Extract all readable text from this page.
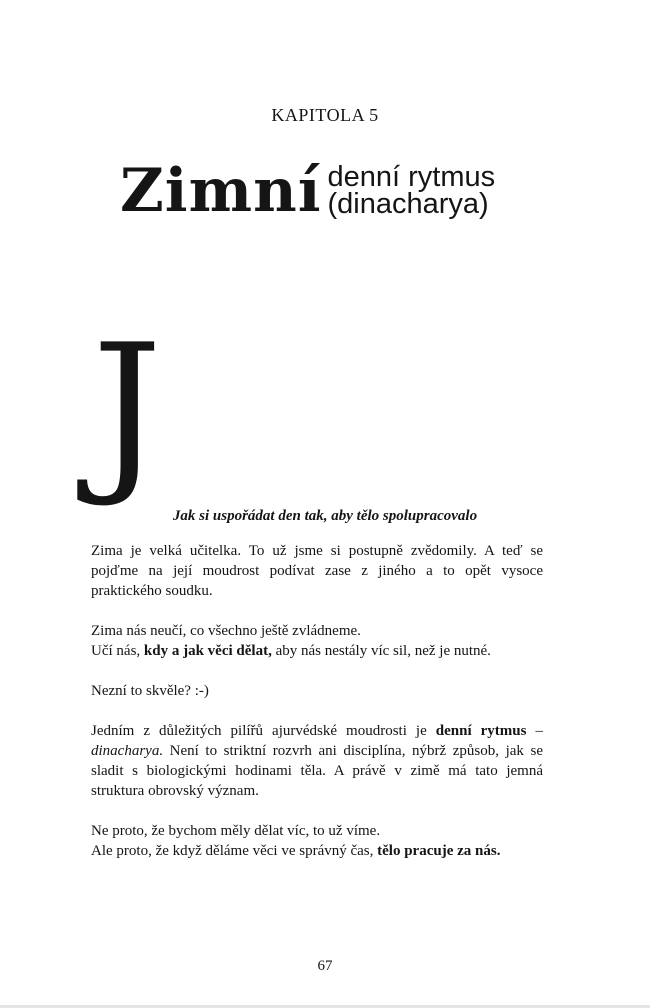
KAPITOLA 5
Zimní denní rytmus
(dinacharya)
J
Jak si uspořádat den tak, aby tělo spolupracovalo

Zima je velká učitelka. To už jsme si postupně zvědomily. A teď se pojďme na její moudrost podívat zase z jiného a to opět vysoce praktického soudku.

Zima nás neučí, co všechno ještě zvládneme.
Učí nás, kdy a jak věci dělat, aby nás nestály víc sil, než je nutné.

Nezní to skvěle? :-)

Jedním z důležitých pilířů ajurvédské moudrosti je denní rytmus – dinacharya. Není to striktní rozvrh ani disciplína, nýbrž způsob, jak se sladit s biologickými hodinami těla. A právě v zimě má tato jemná struktura obrovský význam.

Ne proto, že bychom měly dělat víc, to už víme.
Ale proto, že když děláme věci ve správný čas, tělo pracuje za nás.

67
